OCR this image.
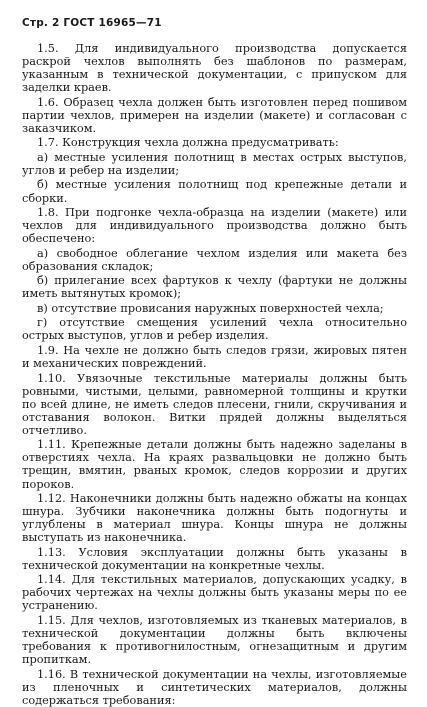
Стр. 2 ГОСТ 16965—71

1.5. Для индивидуального производства допускается раскрой чехлов выполнять без шаблонов по размерам, указанным в технической документации, с припуском для заделки краев.

1.6. Образец чехла должен быть изготовлен перед пошивом партии чехлов, примерен на изделии (макете) и согласован с заказчиком.

1.7. Конструкция чехла должна предусматривать:

а) местные усиления полотнищ в местах острых выступов, углов и ребер на изделии;

б) местные усиления полотнищ под крепежные детали и сборки.

1.8. При подгонке чехла-образца на изделии (макете) или чехлов для индивидуального производства должно быть обеспечено:

а) свободное облегание чехлом изделия или макета без образования складок;

б) прилегание всех фартуков к чехлу (фартуки не должны иметь вытянутых кромок);

в) отсутствие провисания наружных поверхностей чехла;

г) отсутствие смещения усилений чехла относительно острых выступов, углов и ребер изделия.

1.9. На чехле не должно быть следов грязи, жировых пятен и механических повреждений.

1.10. Увязочные текстильные материалы должны быть ровными, чистыми, целыми, равномерной толщины и крутки по всей длине, не иметь следов плесени, гнили, скручивания и отставания волокон. Витки прядей должны выделяться отчетливо.

1.11. Крепежные детали должны быть надежно заделаны в отверстиях чехла. На краях развальцовки не должно быть трещин, вмятин, рваных кромок, следов коррозии и других пороков.

1.12. Наконечники должны быть надежно обжаты на концах шнура. Зубчики наконечника должны быть подогнуты и углублены в материал шнура. Концы шнура не должны выступать из наконечника.

1.13. Условия эксплуатации должны быть указаны в технической документации на конкретные чехлы.

1.14. Для текстильных материалов, допускающих усадку, в рабочих чертежах на чехлы должны быть указаны меры по ее устранению.

1.15. Для чехлов, изготовляемых из тканевых материалов, в технической документации должны быть включены требования к противогнилостным, огнезащитным и другим пропиткам.

1.16. В технической документации на чехлы, изготовляемые из пленочных и синтетических материалов, должны содержаться требования:
